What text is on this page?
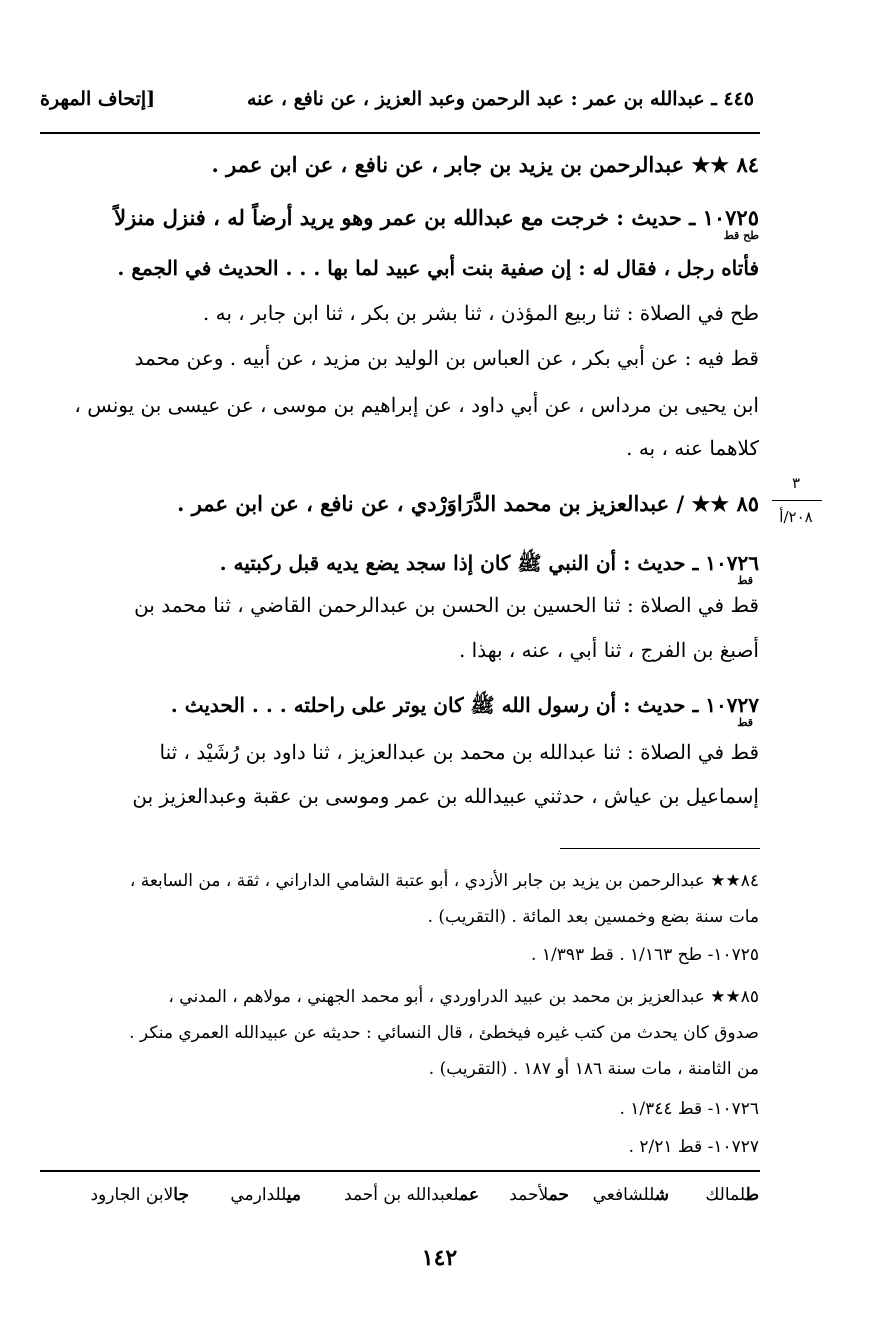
٤٤٥ ـ عبدالله بن عمر : عبد الرحمن وعبد العزيز ، عن نافع ، عنه
[إتحاف المهرة
٨٤ ★★ عبدالرحمن بن يزيد بن جابر ، عن نافع ، عن ابن عمر .
١٠٧٢٥ ـ حديث : خرجت مع عبدالله بن عمر وهو يريد أرضاً له ، فنزل منزلاً
طح قط
فأتاه رجل ، فقال له : إن صفية بنت أبي عبيد لما بها . . . الحديث في الجمع .
طح في الصلاة : ثنا ربيع المؤذن ، ثنا بشر بن بكر ، ثنا ابن جابر ، به .
قط فيه : عن أبي بكر ، عن العباس بن الوليد بن مزيد ، عن أبيه . وعن محمد
ابن يحيى بن مرداس ، عن أبي داود ، عن إبراهيم بن موسى ، عن عيسى بن يونس ،
كلاهما عنه ، به .
٣
٢٠٨/أ
٨٥ ★★ / عبدالعزيز بن محمد الدَّرَاوَرْدي ، عن نافع ، عن ابن عمر .
١٠٧٢٦ ـ حديث : أن النبي ﷺ كان إذا سجد يضع يديه قبل ركبتيه .
قط
قط في الصلاة : ثنا الحسين بن الحسن بن عبدالرحمن القاضي ، ثنا محمد بن
أصبغ بن الفرج ، ثنا أبي ، عنه ، بهذا .
١٠٧٢٧ ـ حديث : أن رسول الله ﷺ كان يوتر على راحلته . . . الحديث .
قط
قط في الصلاة : ثنا عبدالله بن محمد بن عبدالعزيز ، ثنا داود بن رُشَيْد ، ثنا
إسماعيل بن عياش ، حدثني عبيدالله بن عمر وموسى بن عقبة وعبدالعزيز بن
٨٤★★ عبدالرحمن بن يزيد بن جابر الأزدي ، أبو عتبة الشامي الداراني ، ثقة ، من السابعة ،
مات سنة بضع وخمسين بعد المائة . (التقريب) .
١٠٧٢٥- طح ١/١٦٣ . قط ١/٣٩٣ .
٨٥★★ عبدالعزيز بن محمد بن عبيد الدراوردي ، أبو محمد الجهني ، مولاهم ، المدني ،
صدوق كان يحدث من كتب غيره فيخطئ ، قال النسائي : حديثه عن عبيدالله العمري منكر .
من الثامنة ، مات سنة ١٨٦ أو ١٨٧ . (التقريب) .
١٠٧٢٦- قط ١/٣٤٤ .
١٠٧٢٧- قط ٢/٢١ .
طلمالك
شللشافعي
حملأحمد
عملعبدالله بن أحمد
ميللدارمي
جالابن الجارود
١٤٢
